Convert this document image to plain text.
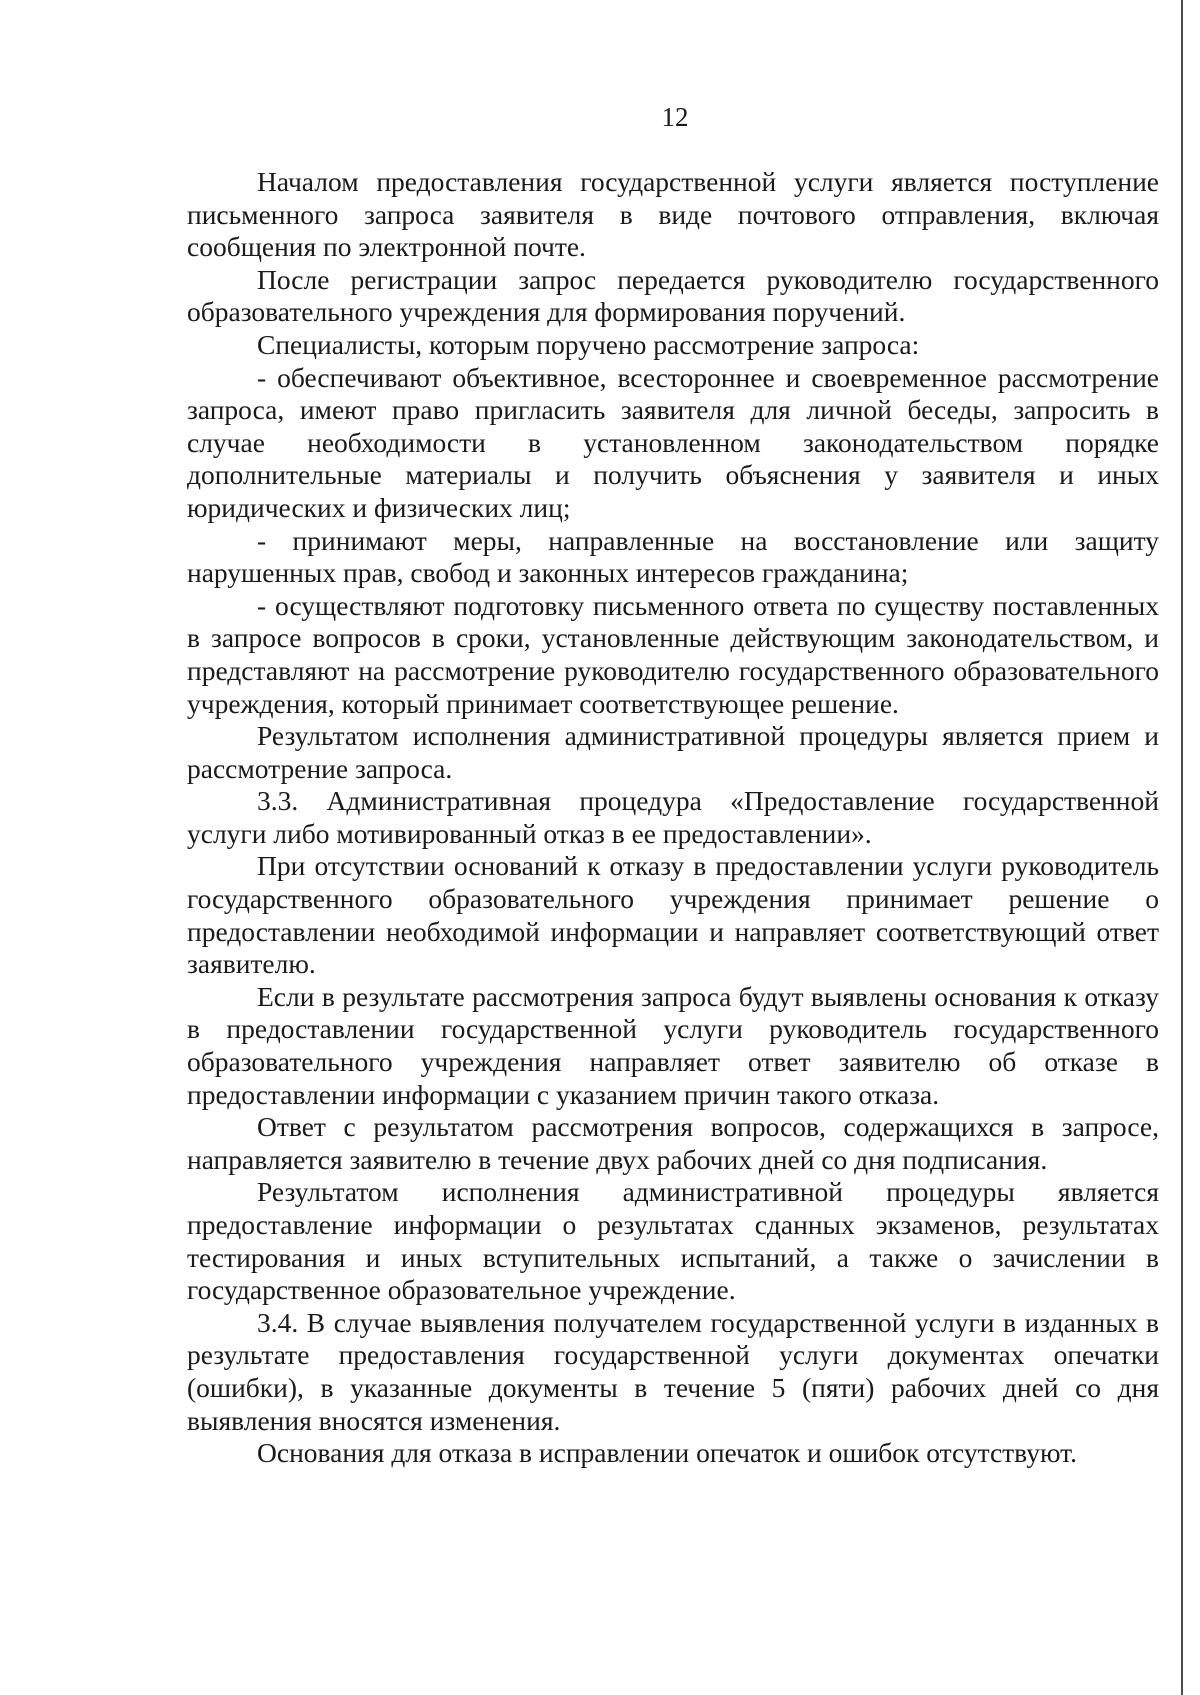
12

Началом предоставления государственной услуги является поступление письменного запроса заявителя в виде почтового отправления, включая сообщения по электронной почте.

После регистрации запрос передается руководителю государственного образовательного учреждения для формирования поручений.

Специалисты, которым поручено рассмотрение запроса:

- обеспечивают объективное, всестороннее и своевременное рассмотрение запроса, имеют право пригласить заявителя для личной беседы, запросить в случае необходимости в установленном законодательством порядке дополнительные материалы и получить объяснения у заявителя и иных юридических и физических лиц;

- принимают меры, направленные на восстановление или защиту нарушенных прав, свобод и законных интересов гражданина;

- осуществляют подготовку письменного ответа по существу поставленных в запросе вопросов в сроки, установленные действующим законодательством, и представляют на рассмотрение руководителю государственного образовательного учреждения, который принимает соответствующее решение.

Результатом исполнения административной процедуры является прием и рассмотрение запроса.

3.3. Административная процедура «Предоставление государственной услуги либо мотивированный отказ в ее предоставлении».

При отсутствии оснований к отказу в предоставлении услуги руководитель государственного образовательного учреждения принимает решение о предоставлении необходимой информации и направляет соответствующий ответ заявителю.

Если в результате рассмотрения запроса будут выявлены основания к отказу в предоставлении государственной услуги руководитель государственного образовательного учреждения направляет ответ заявителю об отказе в предоставлении информации с указанием причин такого отказа.

Ответ с результатом рассмотрения вопросов, содержащихся в запросе, направляется заявителю в течение двух рабочих дней со дня подписания.

Результатом исполнения административной процедуры является предоставление информации о результатах сданных экзаменов, результатах тестирования и иных вступительных испытаний, а также о зачислении в государственное образовательное учреждение.

3.4. В случае выявления получателем государственной услуги в изданных в результате предоставления государственной услуги документах опечатки (ошибки), в указанные документы в течение 5 (пяти) рабочих дней со дня выявления вносятся изменения.

Основания для отказа в исправлении опечаток и ошибок отсутствуют.
